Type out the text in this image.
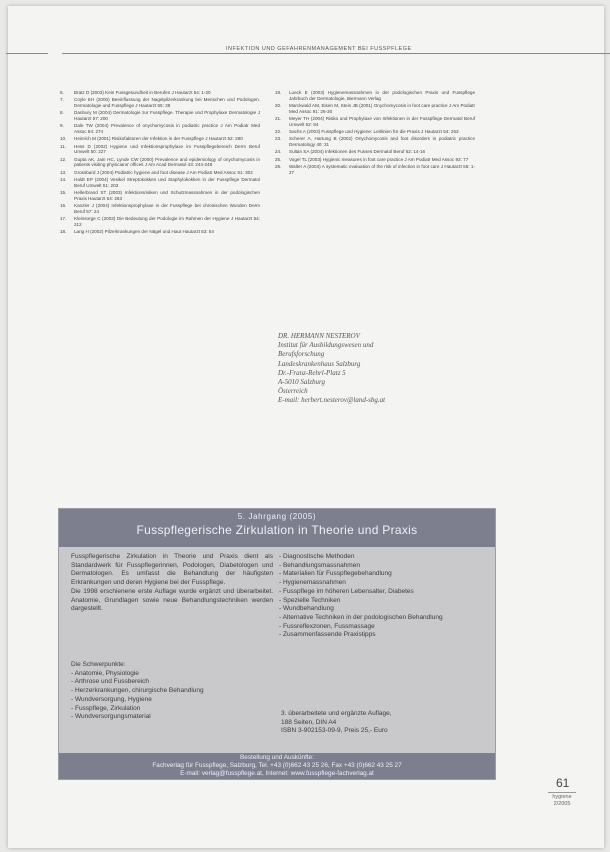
INFEKTION UND GEFAHRENMANAGEMENT BEI FUSSPFLEGE
6.	Bratz D (2003) Kein Fussgesundheit in Berufen J Hautarzt 54: 1-20
7.	Coyle EH (2000) Beeinflussung der Nagelpilzerkrankung bei Menschen und Podologen. Dermatologie und Fusspflege J Hautarzt 55: 38
8.	Danbury M (2004) Dermatologie zur Fusspflege. Therapie und Prophylaxe Dermatologie J Hautarzt 57: 200
9.	Dale TW (2004) Prevalence of onychomycosis in podiatric practice J Am Podiatr Med Assoc 94: 274
10.	Heinrich M (2001) Risikofaktoren der Infektion in der Fusspflege J Hautarzt 52: 280
11.	Hess D (2002) Hygiene und Infektionsprophylaxe im Fusspflegebereich Derm Beruf Umwelt 50: 227
12.	Gupta AK, Jain HC, Lynde CW (2000) Prevalence and epidemiology of onychomycosis in patients visiting physicians' offices J Am Acad Dermatol 43: 244-248
13.	Grossbard J (2004) Podiatric hygiene and foot disease J Am Podiatr Med Assoc 91: 302
14.	Haldt EP (2004) Vesikel Streptokokken und Staphylokokken in der Fusspflege Dermatol Beruf Umwelt 51: 203
15.	Hellerbrand ST (2003) Infektionsrisiken und Schutzmassnahmen in der podologischen Praxis Hautarzt 54: 263
16.	Kanzler J (2004) Infektionsprophylaxe in der Fusspflege bei chronischen Wunden Derm Beruf 57: 24
17.	Kleinsorge C (2003) Die Bedeutung der Podologie im Rahmen der Hygiene J Hautarzt 54: 212
18.	Lang H (2002) Pilzerkrankungen der Nägel und Haut Hautarzt 53: 54
19.	Lueck E (2003) Hygienemassnahmen in der podologischen Praxis und Fusspflege Jahrbuch der Dermatologie, Biermann Verlag
20.	Marckwald AM, Eisen M, Stein JB (2001) Onychomycosis in foot care practice J Am Podiatr Med Assoc 91: 26-30
21.	Meyer TH (2004) Risiko und Prophylaxe von Infektionen in der Fusspflege Dermatol Beruf Umwelt 52: 84
22.	Sachs A (2003) Fusspflege und Hygiene: Leitlinien für die Praxis J Hautarzt 54: 263
23.	Scherer A, Hartung B (2002) Onychomycosis and foot disorders in podiatric practice Dermatology 40: 31
24.	Sultan SA (2004) Infektionen des Fusses Dermatol Beruf 52: 14-16
25.	Vogel TL (2003) Hygienic measures in foot care practice J Am Podiatr Med Assoc 93: 77
26.	Walter A (2004) A systematic evaluation of the risk of infection in foot care J Hautarzt 55: 1-27
DR. HERMANN NESTEROV
Institut für Ausbildungswesen und
Berufsforschung
Landeskrankenhaus Salzburg
Dr.-Franz-Rehrl-Platz 5
A-5010 Salzburg
Österreich
E-mail: herbert.nesterov@land-sbg.at
5. Jahrgang (2005)
Fusspflegerische Zirkulation in Theorie und Praxis

Fusspflegerische Zirkulation in Theorie und Praxis dient als Standardwerk für Fusspflegerinnen, Podologen, Diabetologen und Dermatologen. Es umfasst die Behandlung der häufigsten Erkrankungen und deren Hygiene bei der Fusspflege.

Die 1998 erschienene erste Auflage wurde ergänzt und überarbeitet. Anatomie, Grundlagen sowie neue Behandlungstechniken werden dargestellt.

Die Schwerpunkte:
- Anatomie, Physiologie
- Arthrose und Fussbereich
- Herzerkrankungen, chirurgische Behandlung
- Wundversorgung, Hygiene
- Fusspflege, Zirkulation
- Wundversorgungsmaterial
- Diagnostische Methoden
- Behandlungsmassnahmen
- Materialien für Fusspflegebehandlung
- Hygienemassnahmen
- Fusspflege im höheren Lebensalter, Diabetes
- Spezielle Techniken
- Wundbehandlung
- Alternative Techniken in der podologischen Behandlung
- Fussreflexzonen, Fussmassage
- Zusammenfassende Praxistipps
3. überarbeitete und ergänzte Auflage,
188 Seiten, DIN A4
ISBN 3-902153-09-9, Preis 25,- Euro
Bestellung und Auskünfte:
Fachverlag für Fusspflege, Salzburg, Tel. +43 (0)662 43 25 26, Fax +43 (0)662 43 25 27
E-mail: verlag@fusspflege.at, Internet: www.fusspflege-fachverlag.at
61
hygiene
2/2005
